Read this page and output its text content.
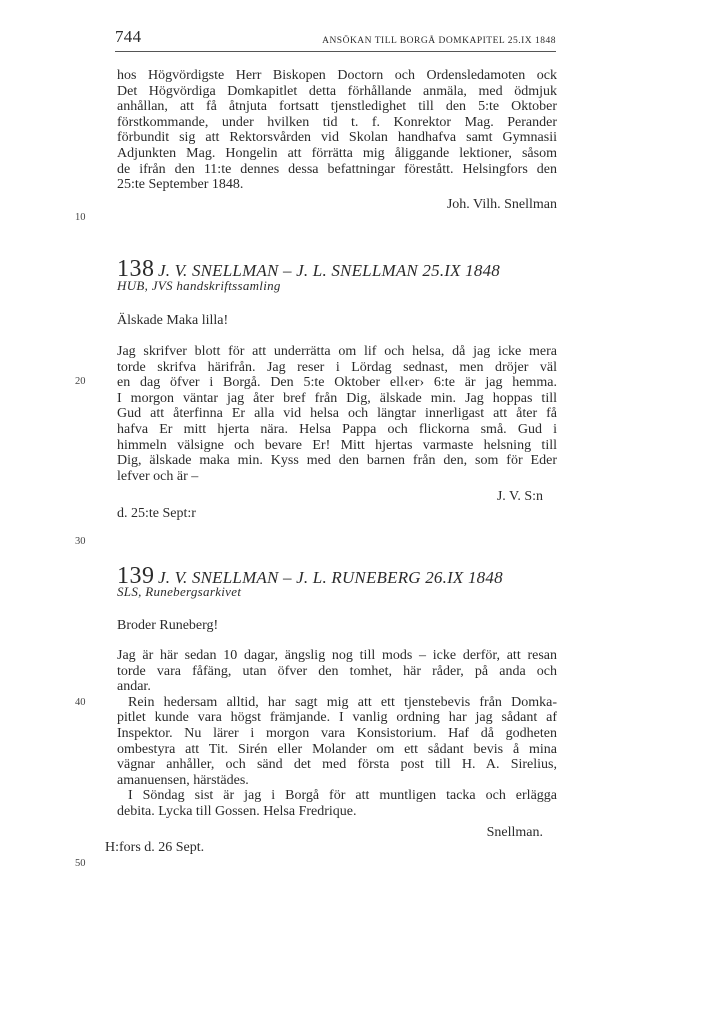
744	ANSÖKAN TILL BORGÅ DOMKAPITEL 25.IX 1848
10
20
30
40
50
hos Högvördigste Herr Biskopen Doctorn och Ordensledamoten ock
Det Högvördiga Domkapitlet detta förhållande anmäla, med ödmjuk
anhållan, att få åtnjuta fortsatt tjenstledighet till den 5:te Oktober
förstkommande, under hvilken tid t. f. Konrektor Mag. Perander
förbundit sig att Rektorsvården vid Skolan handhafva samt Gymnasii
Adjunkten Mag. Hongelin att förrätta mig åliggande lektioner, såsom
de ifrån den 11:te dennes dessa befattningar förestått. Helsingfors den
25:te September 1848.
Joh. Vilh. Snellman
138 J. V. SNELLMAN – J. L. SNELLMAN 25.IX 1848
HUB, JVS handskriftssamling
Älskade Maka lilla!
Jag skrifver blott för att underrätta om lif och helsa, då jag icke mera
torde skrifva härifrån. Jag reser i Lördag sednast, men dröjer väl
en dag öfver i Borgå. Den 5:te Oktober ell‹er› 6:te är jag hemma.
I morgon väntar jag åter bref från Dig, älskade min. Jag hoppas till
Gud att återfinna Er alla vid helsa och längtar innerligast att åter få
hafva Er mitt hjerta nära. Helsa Pappa och flickorna små. Gud i
himmeln välsigne och bevare Er! Mitt hjertas varmaste helsning till
Dig, älskade maka min. Kyss med den barnen från den, som för Eder
lefver och är –
J. V. S:n
d. 25:te Sept:r
139 J. V. SNELLMAN – J. L. RUNEBERG 26.IX 1848
SLS, Runebergsarkivet
Broder Runeberg!
Jag är här sedan 10 dagar, ängslig nog till mods – icke derför, att resan
torde vara fåfäng, utan öfver den tomhet, här råder, på anda och
andar.
Rein hedersam alltid, har sagt mig att ett tjenstebevis från Domka-
pitlet kunde vara högst främjande. I vanlig ordning har jag sådant af
Inspektor. Nu lärer i morgon vara Konsistorium. Haf då godheten
ombestyra att Tit. Sirén eller Molander om ett sådant bevis å mina
vägnar anhåller, och sänd det med första post till H. A. Sirelius,
amanuensen, härstädes.
I Söndag sist är jag i Borgå för att muntligen tacka och erlägga
debita. Lycka till Gossen. Helsa Fredrique.
Snellman.
H:fors d. 26 Sept.
